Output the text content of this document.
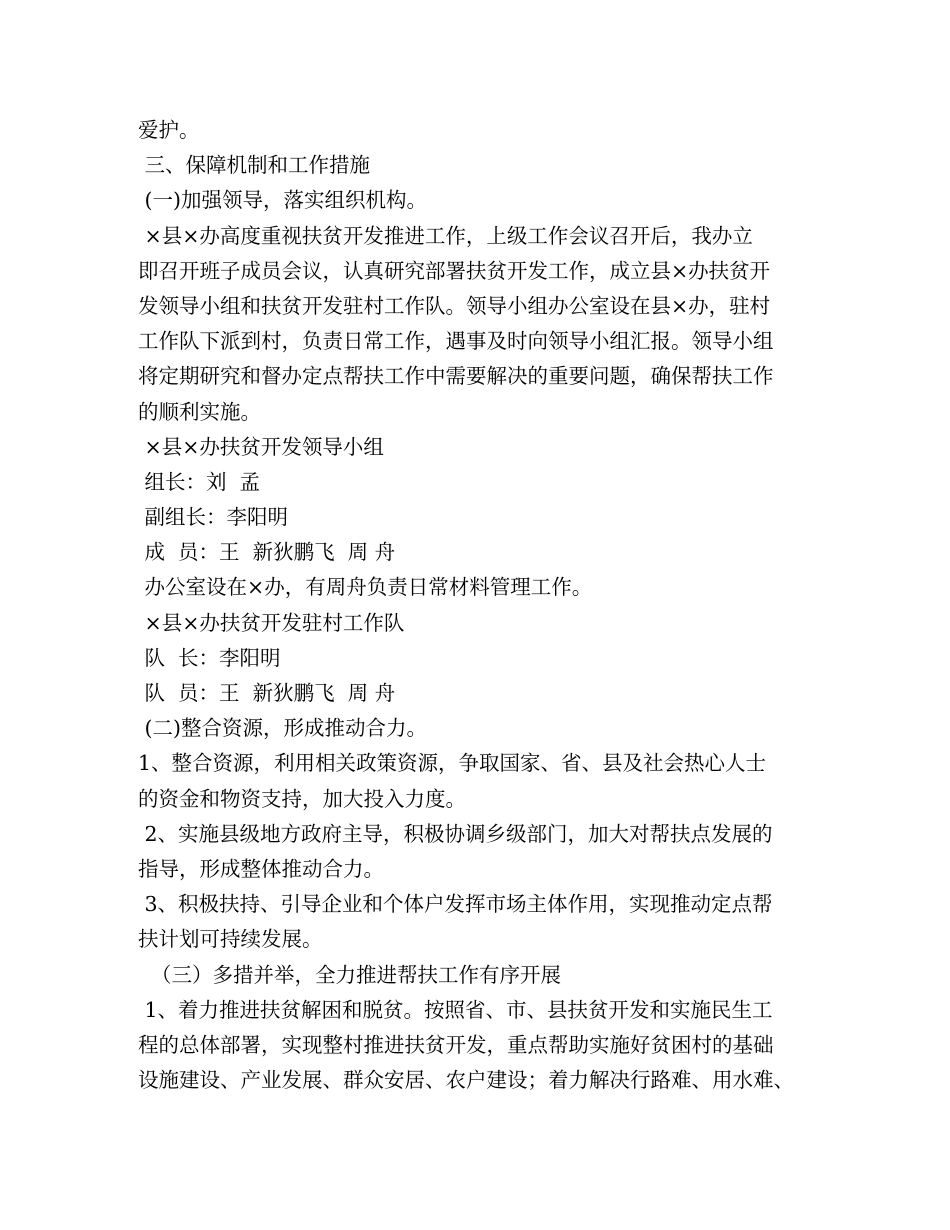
爱护。
三、保障机制和工作措施
(一)加强领导，落实组织机构。
×县×办高度重视扶贫开发推进工作，上级工作会议召开后，我办立
即召开班子成员会议，认真研究部署扶贫开发工作，成立县×办扶贫开
发领导小组和扶贫开发驻村工作队。领导小组办公室设在县×办，驻村
工作队下派到村，负责日常工作，遇事及时向领导小组汇报。领导小组
将定期研究和督办定点帮扶工作中需要解决的重要问题，确保帮扶工作
的顺利实施。
×县×办扶贫开发领导小组
组长：刘  孟
副组长：李阳明
成  员：王  新狄鹏飞  周 舟
办公室设在×办，有周舟负责日常材料管理工作。
×县×办扶贫开发驻村工作队
队  长：李阳明
队  员：王  新狄鹏飞  周 舟
(二)整合资源，形成推动合力。
1、整合资源，利用相关政策资源，争取国家、省、县及社会热心人士
的资金和物资支持，加大投入力度。
2、实施县级地方政府主导，积极协调乡级部门，加大对帮扶点发展的
指导，形成整体推动合力。
3、积极扶持、引导企业和个体户发挥市场主体作用，实现推动定点帮
扶计划可持续发展。
（三）多措并举，全力推进帮扶工作有序开展
1、着力推进扶贫解困和脱贫。按照省、市、县扶贫开发和实施民生工
程的总体部署，实现整村推进扶贫开发，重点帮助实施好贫困村的基础
设施建设、产业发展、群众安居、农户建设；着力解决行路难、用水难、
